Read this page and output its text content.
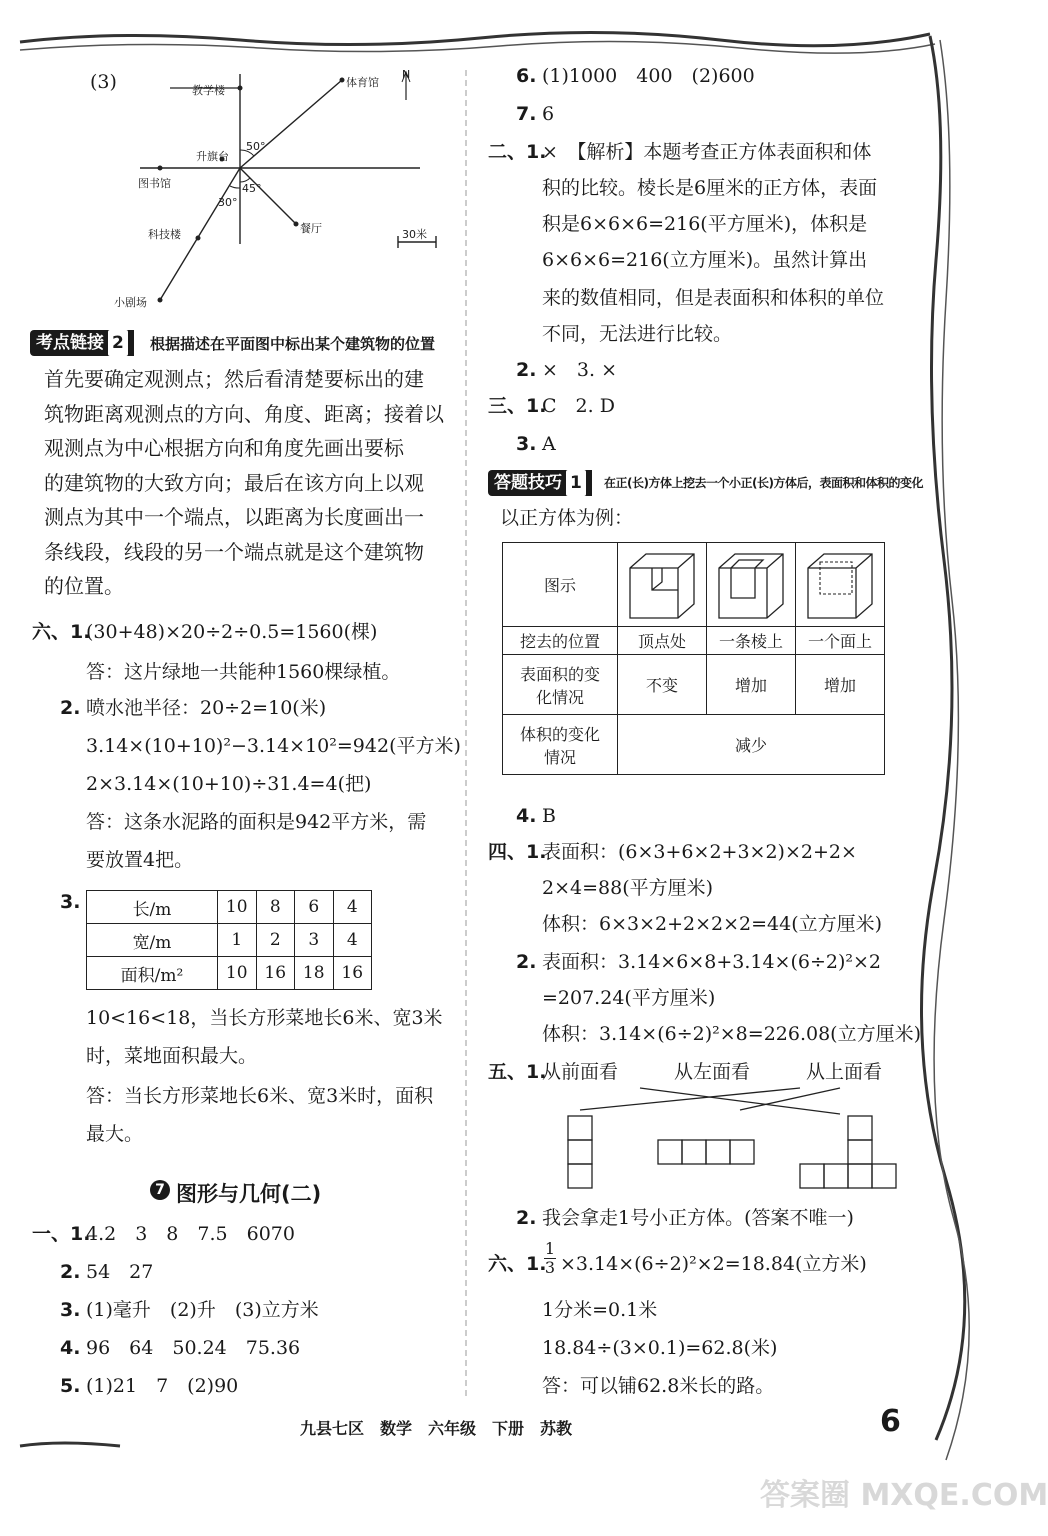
(3)	教学楼
体育馆
N
升旗台
50°
图书馆	45°
30°
科技楼	餐厅	30米
小剧场
考点链接 2	根据描述在平面图中标出某个建筑物的位置
首先要确定观测点；然后看清楚要标出的建
筑物距离观测点的方向、角度、距离；接着以
观测点为中心根据方向和角度先画出要标
的建筑物的大致方向；最后在该方向上以观
测点为其中一个端点，以距离为长度画出一
条线段，线段的另一个端点就是这个建筑物
的位置。
六、1.
(30+48)×20÷2÷0.5=1560(棵)
答：这片绿地一共能种1560棵绿植。
2. 喷水池半径：20÷2=10(米)
3.14×(10+10)²−3.14×10²=942(平方米)
2×3.14×(10+10)÷31.4=4(把)
答：这条水泥路的面积是942平方米，需
要放置4把。
3.	长/m	10	8	6	4
宽/m	1	2	3	4
面积/m²	10	16	18	16
10<16<18，当长方形菜地长6米、宽3米
时，菜地面积最大。
答：当长方形菜地长6米、宽3米时，面积
最大。
7 图形与几何(二)
一、1.
4.2　3　8　7.5　6070
2. 54　27
3. (1)毫升　(2)升　(3)立方米
4. 96　64　50.24　75.36
5. (1)21　7　(2)90
6. (1)1000　400　(2)600
7. 6
二、1.
×　【解析】本题考查正方体表面积和体
积的比较。棱长是6厘米的正方体，表面
积是6×6×6=216(平方厘米)，体积是
6×6×6=216(立方厘米)。虽然计算出
来的数值相同，但是表面积和体积的单位
不同，无法进行比较。
2. ×　3. ×
三、1.
C　2. D
3. A
答题技巧 1	在正(长)方体上挖去一个小正(长)方体后，表面积和体积的变化
以正方体为例：
图示			
挖去的位置	顶点处	一条棱上	一个面上

表面积的变
化情况	不变	增加	增加

体积的变化
情况	减少		
4. B
四、1.
表面积：(6×3+6×2+3×2)×2+2×
2×4=88(平方厘米)
体积：6×3×2+2×2×2=44(立方厘米)
2. 表面积：3.14×6×8+3.14×(6÷2)²×2
=207.24(平方厘米)
体积：3.14×(6÷2)²×8=226.08(立方厘米)
五、1.
从前面看	从左面看	从上面看
2. 我会拿走1号小正方体。(答案不唯一)
六、1.
$\frac{1}{3} \times 3.14\times(6\div 2)^2\times 2=18.84$(立方米)
1分米=0.1米
18.84÷(3×0.1)=62.8(米)
答：可以铺62.8米长的路。
九县七区　数学　六年级　下册　苏教	6
答案圈 MXQE.COM
